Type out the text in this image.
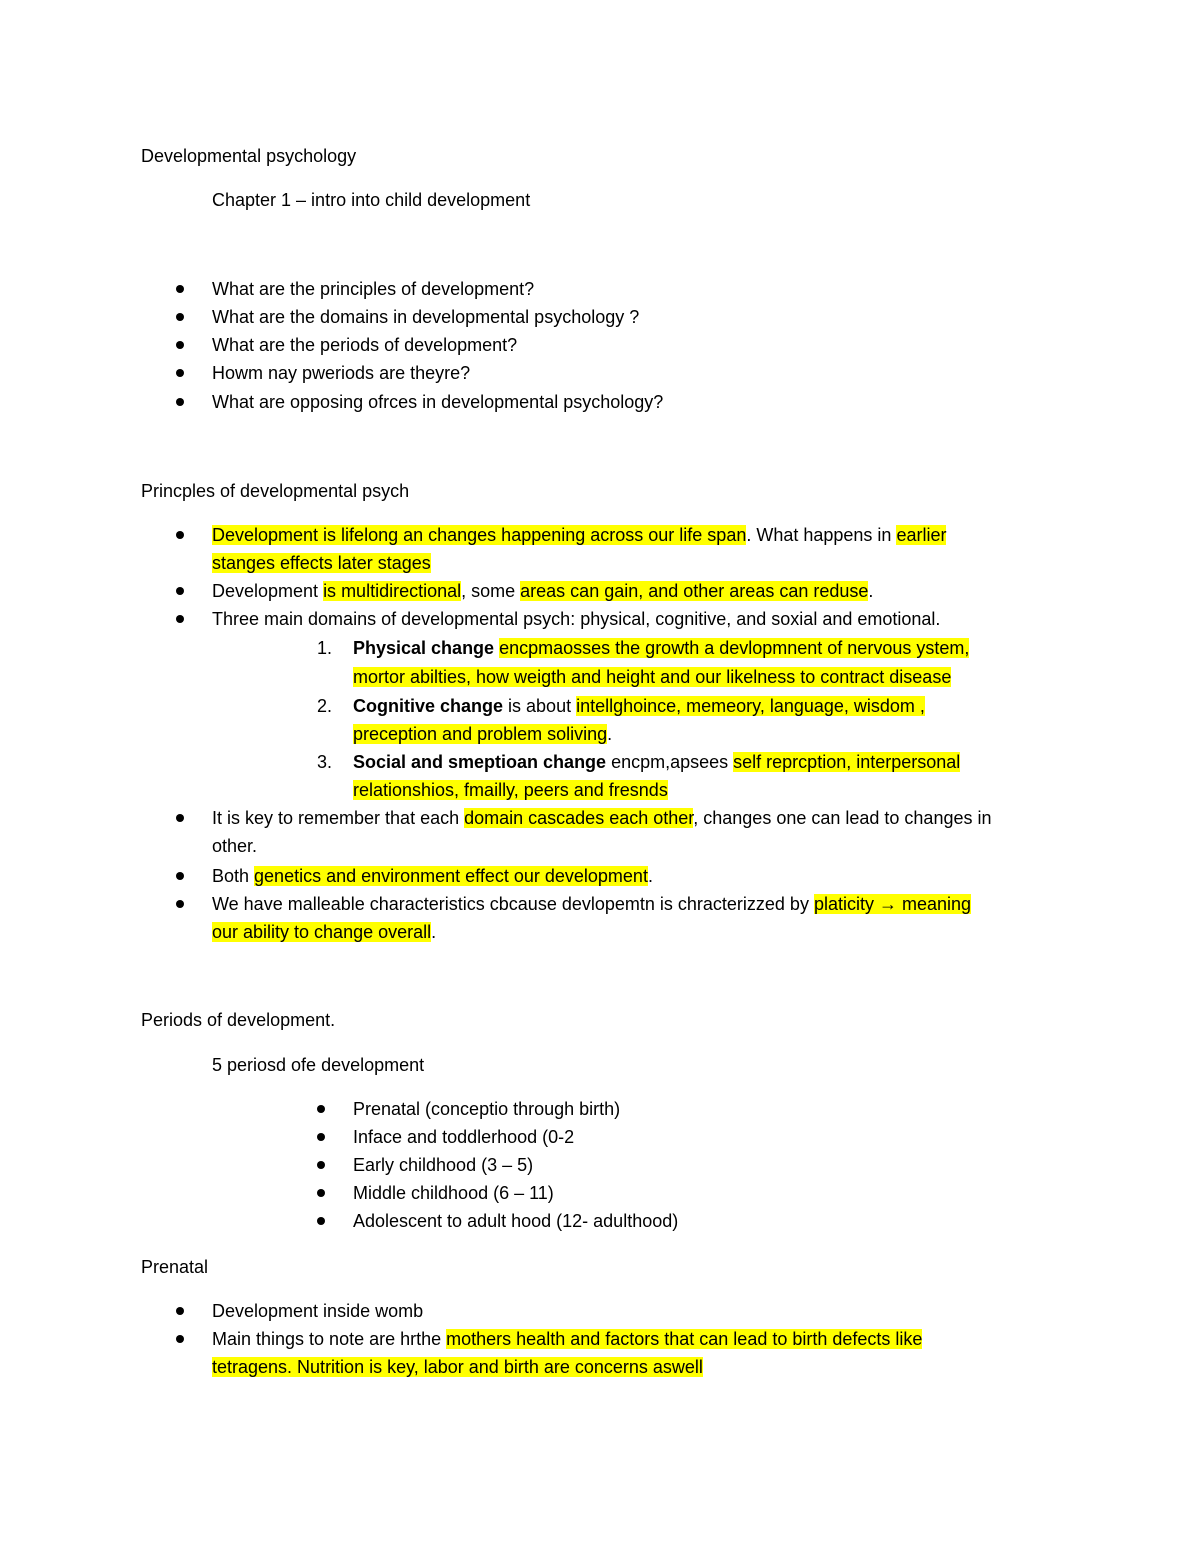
Developmental psychology
Chapter 1 – intro into child development
What are the principles of development?
What are the domains in developmental psychology ?
What are the periods of development?
Howm nay pweriods are theyre?
What are opposing ofrces in developmental psychology?
Princples of developmental psych
Development is lifelong an changes happening across our life span. What happens in earlier
stanges effects later stages
Development is multidirectional, some areas can gain, and other areas can reduse.
Three main domains of developmental psych: physical, cognitive, and soxial and emotional.
1. Physical change encpmaosses the growth a devlopmnent of nervous ystem,
mortor abilties, how weigth and height and our likelness to contract disease
2. Cognitive change is about intellghoince, memeory, language, wisdom ,
preception and problem soliving.
3. Social and smeptioan change encpm,apsees self reprcption, interpersonal
relationshios, fmailly, peers and fresnds
It is key to remember that each domain cascades each other, changes one can lead to changes in
other.
Both genetics and environment effect our development.
We have malleable characteristics cbcause devlopemtn is chracterizzed by platicity → meaning
our ability to change overall.
Periods of development.
5 periosd ofe development
Prenatal (conceptio through birth)
Inface and toddlerhood (0-2
Early childhood (3 – 5)
Middle childhood (6 – 11)
Adolescent to adult hood (12- adulthood)
Prenatal
Development inside womb
Main things to note are hrthe mothers health and factors that can lead to birth defects like
tetragens. Nutrition is key, labor and birth are concerns aswell
